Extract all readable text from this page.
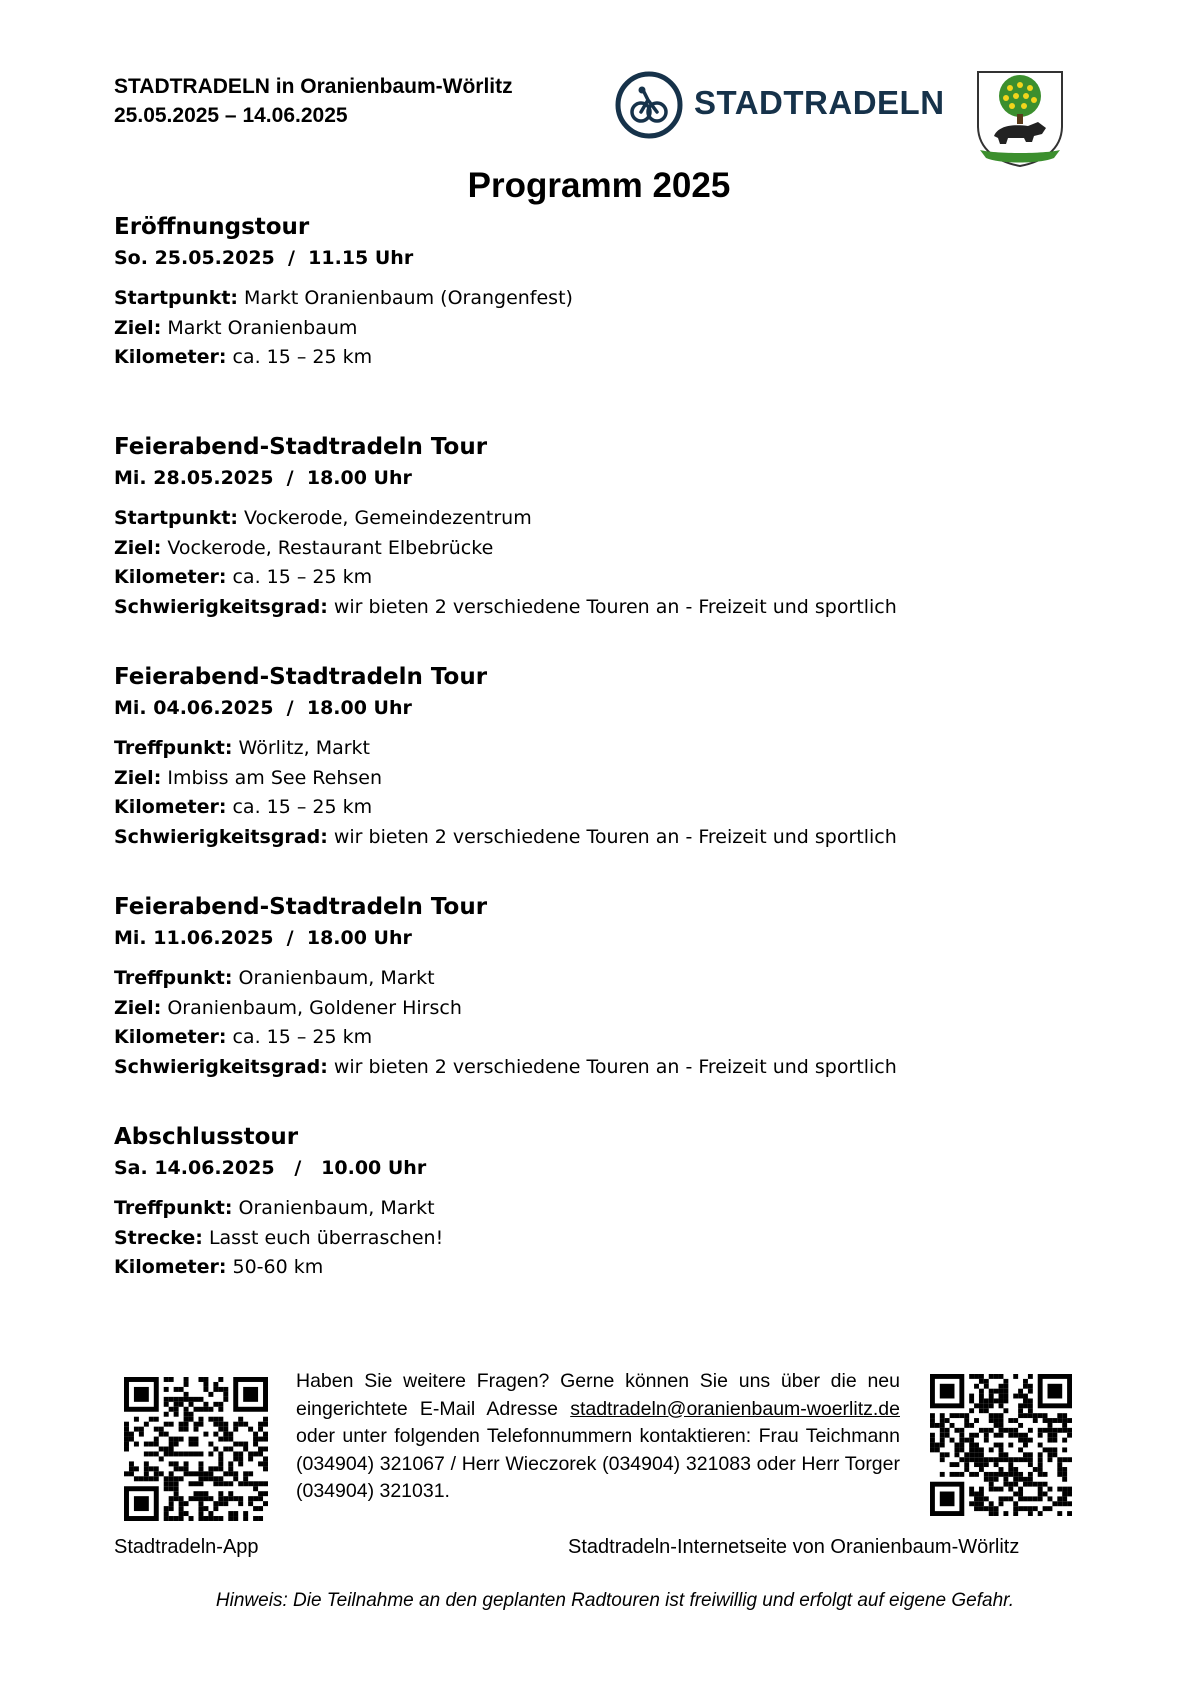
STADTRADELN in Oranienbaum-Wörlitz
25.05.2025 – 14.06.2025	STADTRADELN
Programm 2025
Eröffnungstour
So. 25.05.2025  /  11.15 Uhr
Startpunkt: Markt Oranienbaum (Orangenfest)
Ziel: Markt Oranienbaum
Kilometer: ca. 15 – 25 km
Feierabend-Stadtradeln Tour
Mi. 28.05.2025  /  18.00 Uhr
Startpunkt: Vockerode, Gemeindezentrum
Ziel: Vockerode, Restaurant Elbebrücke
Kilometer: ca. 15 – 25 km
Schwierigkeitsgrad: wir bieten 2 verschiedene Touren an - Freizeit und sportlich
Feierabend-Stadtradeln Tour
Mi. 04.06.2025  /  18.00 Uhr
Treffpunkt: Wörlitz, Markt
Ziel: Imbiss am See Rehsen
Kilometer: ca. 15 – 25 km
Schwierigkeitsgrad: wir bieten 2 verschiedene Touren an - Freizeit und sportlich
Feierabend-Stadtradeln Tour
Mi. 11.06.2025  /  18.00 Uhr
Treffpunkt: Oranienbaum, Markt
Ziel: Oranienbaum, Goldener Hirsch
Kilometer: ca. 15 – 25 km
Schwierigkeitsgrad: wir bieten 2 verschiedene Touren an - Freizeit und sportlich
Abschlusstour
Sa. 14.06.2025   /   10.00 Uhr
Treffpunkt: Oranienbaum, Markt
Strecke: Lasst euch überraschen!
Kilometer: 50-60 km
Haben Sie weitere Fragen? Gerne können Sie uns über die neu eingerichtete E-Mail Adresse stadtradeln@oranienbaum-woerlitz.de oder unter folgenden Telefonnummern kontaktieren: Frau Teichmann (034904) 321067 / Herr Wieczorek (034904) 321083 oder Herr Torger (034904) 321031.
Stadtradeln-App	Stadtradeln-Internetseite von Oranienbaum-Wörlitz
Hinweis: Die Teilnahme an den geplanten Radtouren ist freiwillig und erfolgt auf eigene Gefahr.
